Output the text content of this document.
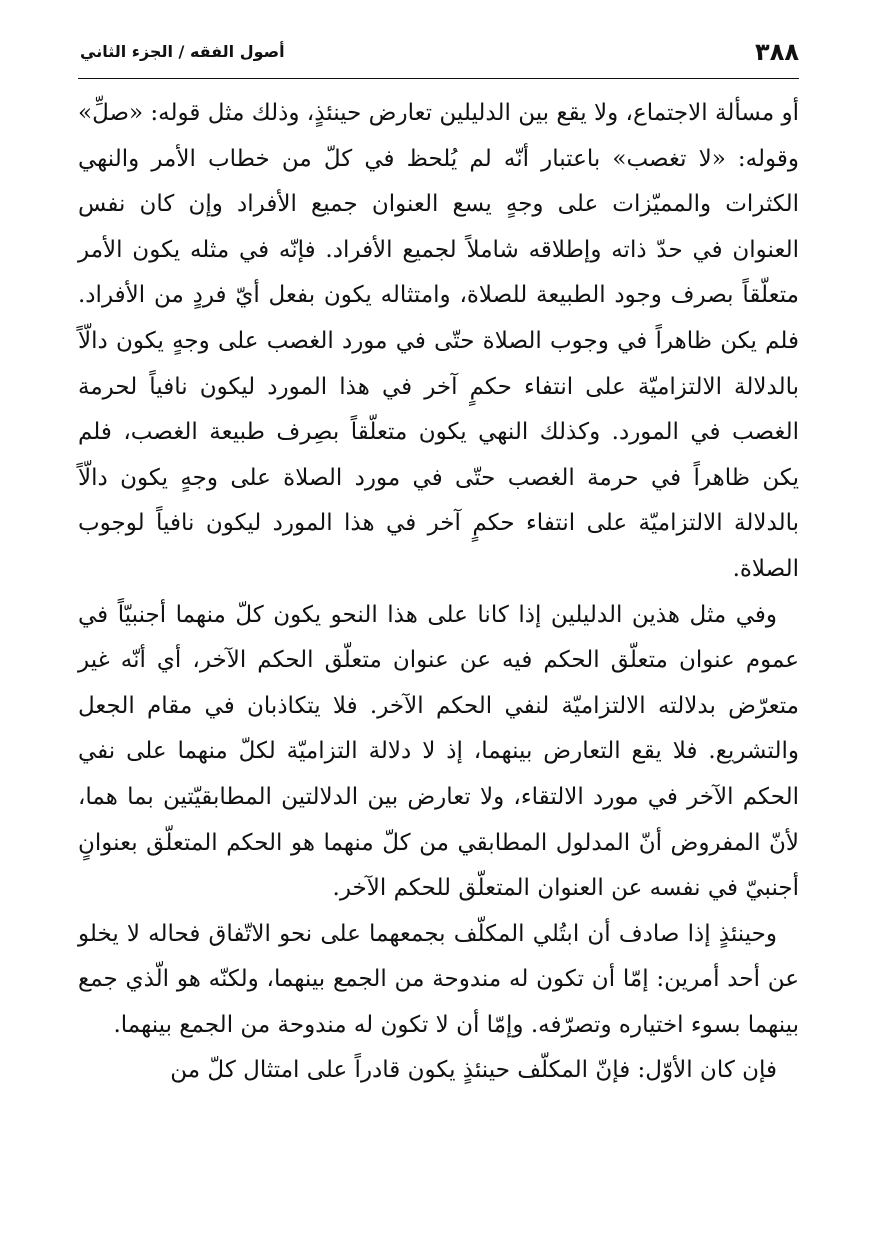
٣٨٨
أصول الفقه / الجزء الثاني

أو مسألة الاجتماع، ولا يقع بين الدليلين تعارض حينئذٍ، وذلك مثل قوله: «صلِّ» وقوله: «لا تغصب» باعتبار أنّه لم يُلحظ في كلّ من خطاب الأمر والنهي الكثرات والمميّزات على وجهٍ يسع العنوان جميع الأفراد وإن كان نفس العنوان في حدّ ذاته وإطلاقه شاملاً لجميع الأفراد. فإنّه في مثله يكون الأمر متعلّقاً بصرف وجود الطبيعة للصلاة، وامتثاله يكون بفعل أيّ فردٍ من الأفراد. فلم يكن ظاهراً في وجوب الصلاة حتّى في مورد الغصب على وجهٍ يكون دالّاً بالدلالة الالتزاميّة على انتفاء حكمٍ آخر في هذا المورد ليكون نافياً لحرمة الغصب في المورد. وكذلك النهي يكون متعلّقاً بصِرف طبيعة الغصب، فلم يكن ظاهراً في حرمة الغصب حتّى في مورد الصلاة على وجهٍ يكون دالّاً بالدلالة الالتزاميّة على انتفاء حكمٍ آخر في هذا المورد ليكون نافياً لوجوب الصلاة.

وفي مثل هذين الدليلين إذا كانا على هذا النحو يكون كلّ منهما أجنبيّاً في عموم عنوان متعلّق الحكم فيه عن عنوان متعلّق الحكم الآخر، أي أنّه غير متعرّض بدلالته الالتزاميّة لنفي الحكم الآخر. فلا يتكاذبان في مقام الجعل والتشريع. فلا يقع التعارض بينهما، إذ لا دلالة التزاميّة لكلّ منهما على نفي الحكم الآخر في مورد الالتقاء، ولا تعارض بين الدلالتين المطابقيّتين بما هما، لأنّ المفروض أنّ المدلول المطابقي من كلّ منهما هو الحكم المتعلّق بعنوانٍ أجنبيّ في نفسه عن العنوان المتعلّق للحكم الآخر.

وحينئذٍ إذا صادف أن ابتُلي المكلّف بجمعهما على نحو الاتّفاق فحاله لا يخلو عن أحد أمرين: إمّا أن تكون له مندوحة من الجمع بينهما، ولكنّه هو الّذي جمع بينهما بسوء اختياره وتصرّفه. وإمّا أن لا تكون له مندوحة من الجمع بينهما.

فإن كان الأوّل: فإنّ المكلّف حينئذٍ يكون قادراً على امتثال كلّ من
